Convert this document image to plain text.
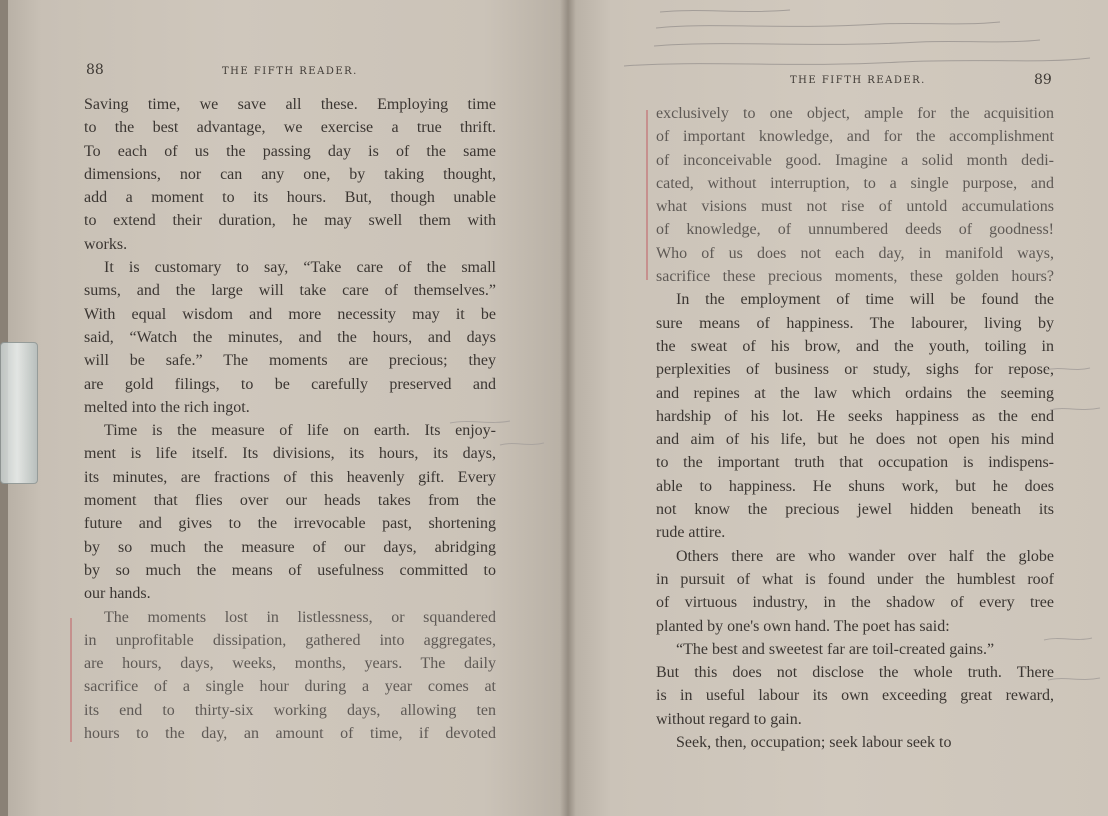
88	THE FIFTH READER.
THE FIFTH READER.	89
Saving time, we save all these. Employing time
to the best advantage, we exercise a true thrift.
To each of us the passing day is of the same
dimensions, nor can any one, by taking thought,
add a moment to its hours. But, though unable
to extend their duration, he may swell them with
works.
It is customary to say, “Take care of the small
sums, and the large will take care of themselves.”
With equal wisdom and more necessity may it be
said, “Watch the minutes, and the hours, and days
will be safe.” The moments are precious; they
are gold filings, to be carefully preserved and
melted into the rich ingot.
Time is the measure of life on earth. Its enjoy-
ment is life itself. Its divisions, its hours, its days,
its minutes, are fractions of this heavenly gift. Every
moment that flies over our heads takes from the
future and gives to the irrevocable past, shortening
by so much the measure of our days, abridging
by so much the means of usefulness committed to
our hands.
The moments lost in listlessness, or squandered
in unprofitable dissipation, gathered into aggregates,
are hours, days, weeks, months, years. The daily
sacrifice of a single hour during a year comes at
its end to thirty-six working days, allowing ten
hours to the day, an amount of time, if devoted
exclusively to one object, ample for the acquisition
of important knowledge, and for the accomplishment
of inconceivable good. Imagine a solid month dedi-
cated, without interruption, to a single purpose, and
what visions must not rise of untold accumulations
of knowledge, of unnumbered deeds of goodness!
Who of us does not each day, in manifold ways,
sacrifice these precious moments, these golden hours?
In the employment of time will be found the
sure means of happiness. The labourer, living by
the sweat of his brow, and the youth, toiling in
perplexities of business or study, sighs for repose,
and repines at the law which ordains the seeming
hardship of his lot. He seeks happiness as the end
and aim of his life, but he does not open his mind
to the important truth that occupation is indispens-
able to happiness. He shuns work, but he does
not know the precious jewel hidden beneath its
rude attire.
Others there are who wander over half the globe
in pursuit of what is found under the humblest roof
of virtuous industry, in the shadow of every tree
planted by one's own hand. The poet has said:
“The best and sweetest far are toil-created gains.”
But this does not disclose the whole truth. There
is in useful labour its own exceeding great reward,
without regard to gain.
Seek, then, occupation; seek labour seek to
